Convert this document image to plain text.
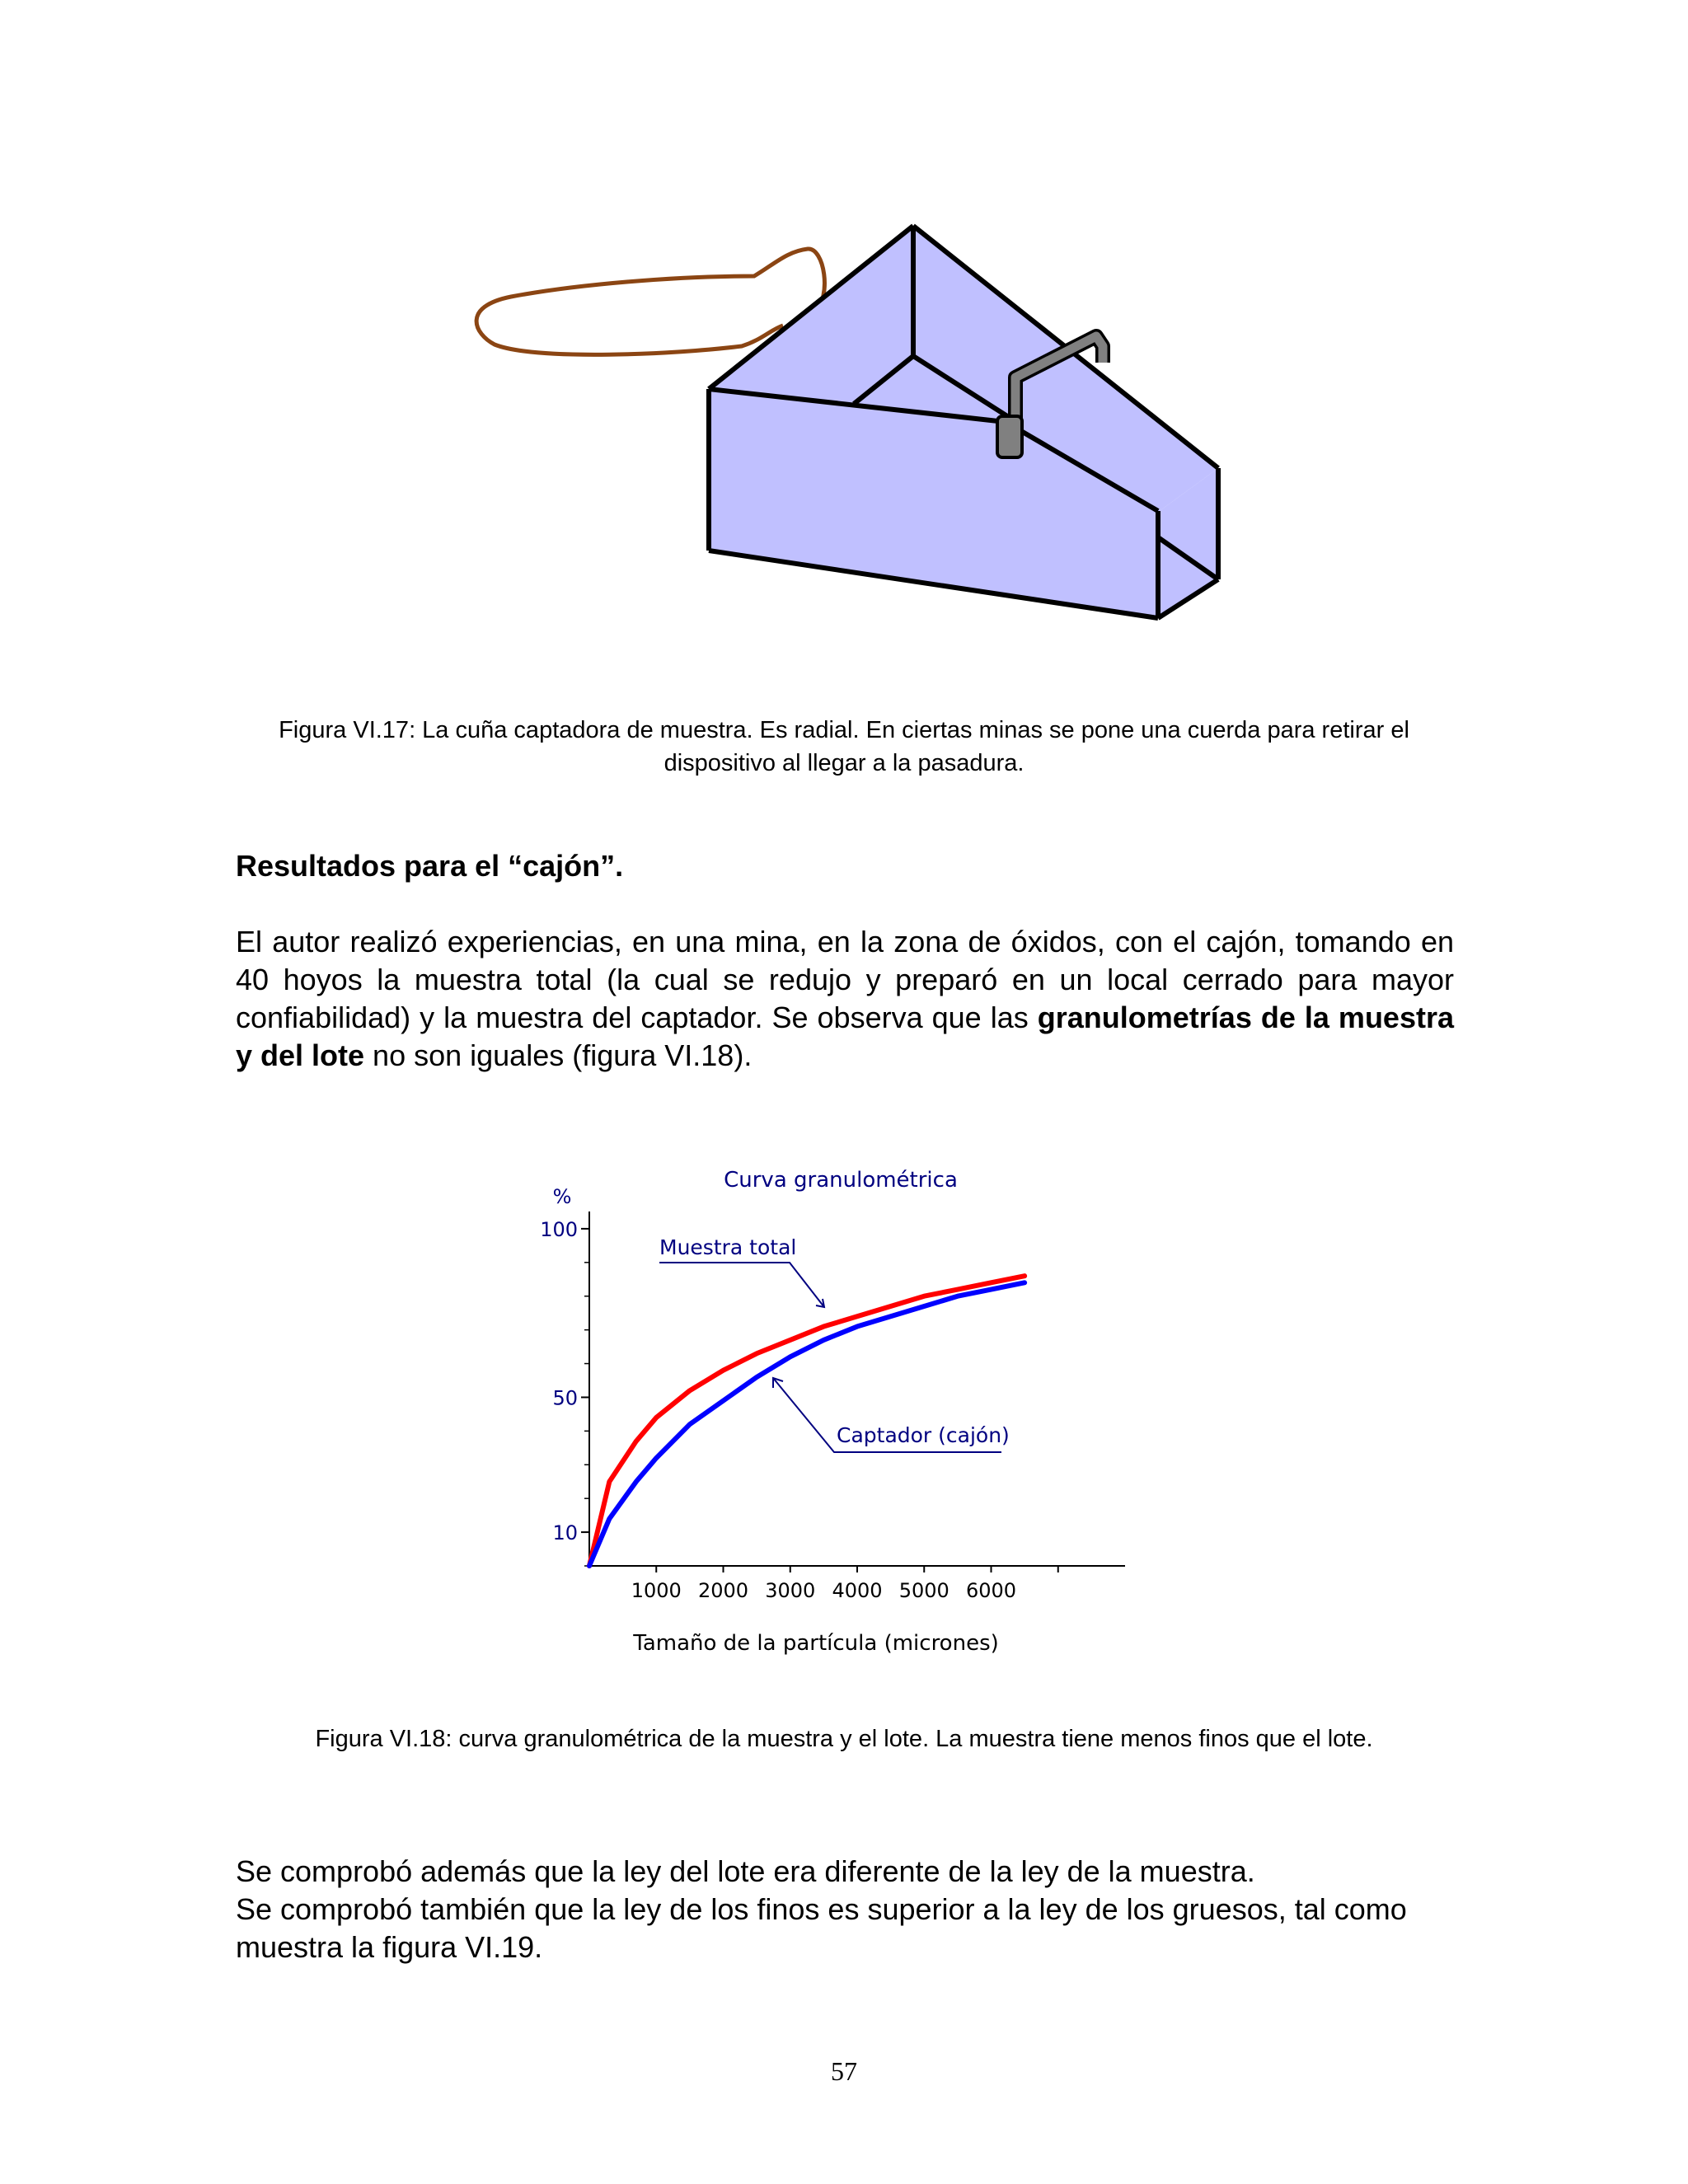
Figura VI.17: La cuña captadora de muestra. Es radial. En ciertas minas se pone una cuerda para retirar el dispositivo al llegar a la pasadura.
Resultados para el “cajón”.
El autor realizó experiencias, en una mina, en la zona de óxidos, con el cajón, tomando en 40 hoyos la muestra total (la cual se redujo y preparó en un local cerrado para mayor confiabilidad) y la muestra del captador. Se observa que las granulometrías de la muestra y del lote no son iguales (figura VI.18).
Curva granulométrica
%
Tamaño de la partícula (micrones)
10
50
100
1000 2000 3000 4000 5000 6000
Muestra total
Captador (cajón)
Figura VI.18: curva granulométrica de la muestra y el lote. La muestra tiene menos finos que el lote.
Se comprobó además que la ley del lote era diferente de la ley de la muestra.
Se comprobó también que la ley de los finos es superior a la ley de los gruesos, tal como muestra la figura VI.19.
57
